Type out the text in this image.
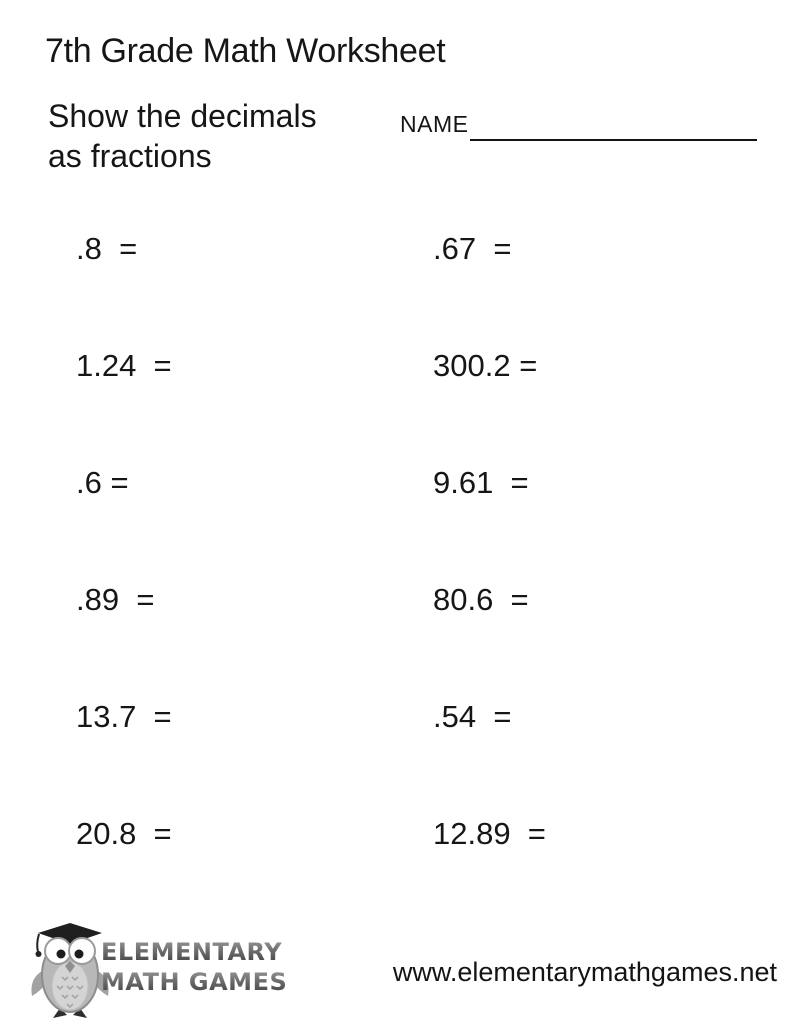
7th Grade Math Worksheet
Show the decimals
as fractions
NAME
.8  =	.67  =
1.24  =	300.2 =
.6 =	9.61  =
.89  =	80.6  =
13.7  =	.54  =
20.8  =	12.89  =
ELEMENTARY
MATH GAMES	www.elementarymathgames.net
